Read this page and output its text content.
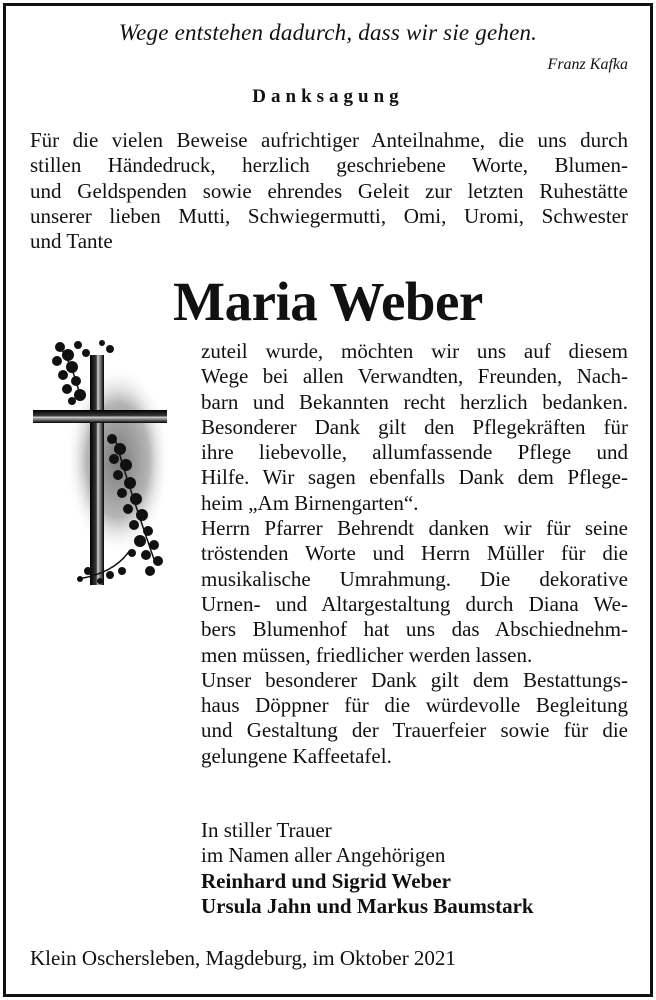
Wege entstehen dadurch, dass wir sie gehen.
Franz Kafka
Danksagung
Für die vielen Beweise aufrichtiger Anteilnahme, die uns durch
stillen Händedruck, herzlich geschriebene Worte, Blumen-
und Geldspenden sowie ehrendes Geleit zur letzten Ruhestätte
unserer lieben Mutti, Schwiegermutti, Omi, Uromi, Schwester
und Tante
Maria Weber
zuteil wurde, möchten wir uns auf diesem
Wege bei allen Verwandten, Freunden, Nach-
barn und Bekannten recht herzlich bedanken.
Besonderer Dank gilt den Pflegekräften für
ihre liebevolle, allumfassende Pflege und
Hilfe. Wir sagen ebenfalls Dank dem Pflege-
heim „Am Birnengarten“.
Herrn Pfarrer Behrendt danken wir für seine
tröstenden Worte und Herrn Müller für die
musikalische Umrahmung. Die dekorative
Urnen- und Altargestaltung durch Diana We-
bers Blumenhof hat uns das Abschiednehm-
men müssen, friedlicher werden lassen.
Unser besonderer Dank gilt dem Bestattungs-
haus Döppner für die würdevolle Begleitung
und Gestaltung der Trauerfeier sowie für die
gelungene Kaffeetafel.
In stiller Trauer
im Namen aller Angehörigen
Reinhard und Sigrid Weber
Ursula Jahn und Markus Baumstark
Klein Oschersleben, Magdeburg, im Oktober 2021
